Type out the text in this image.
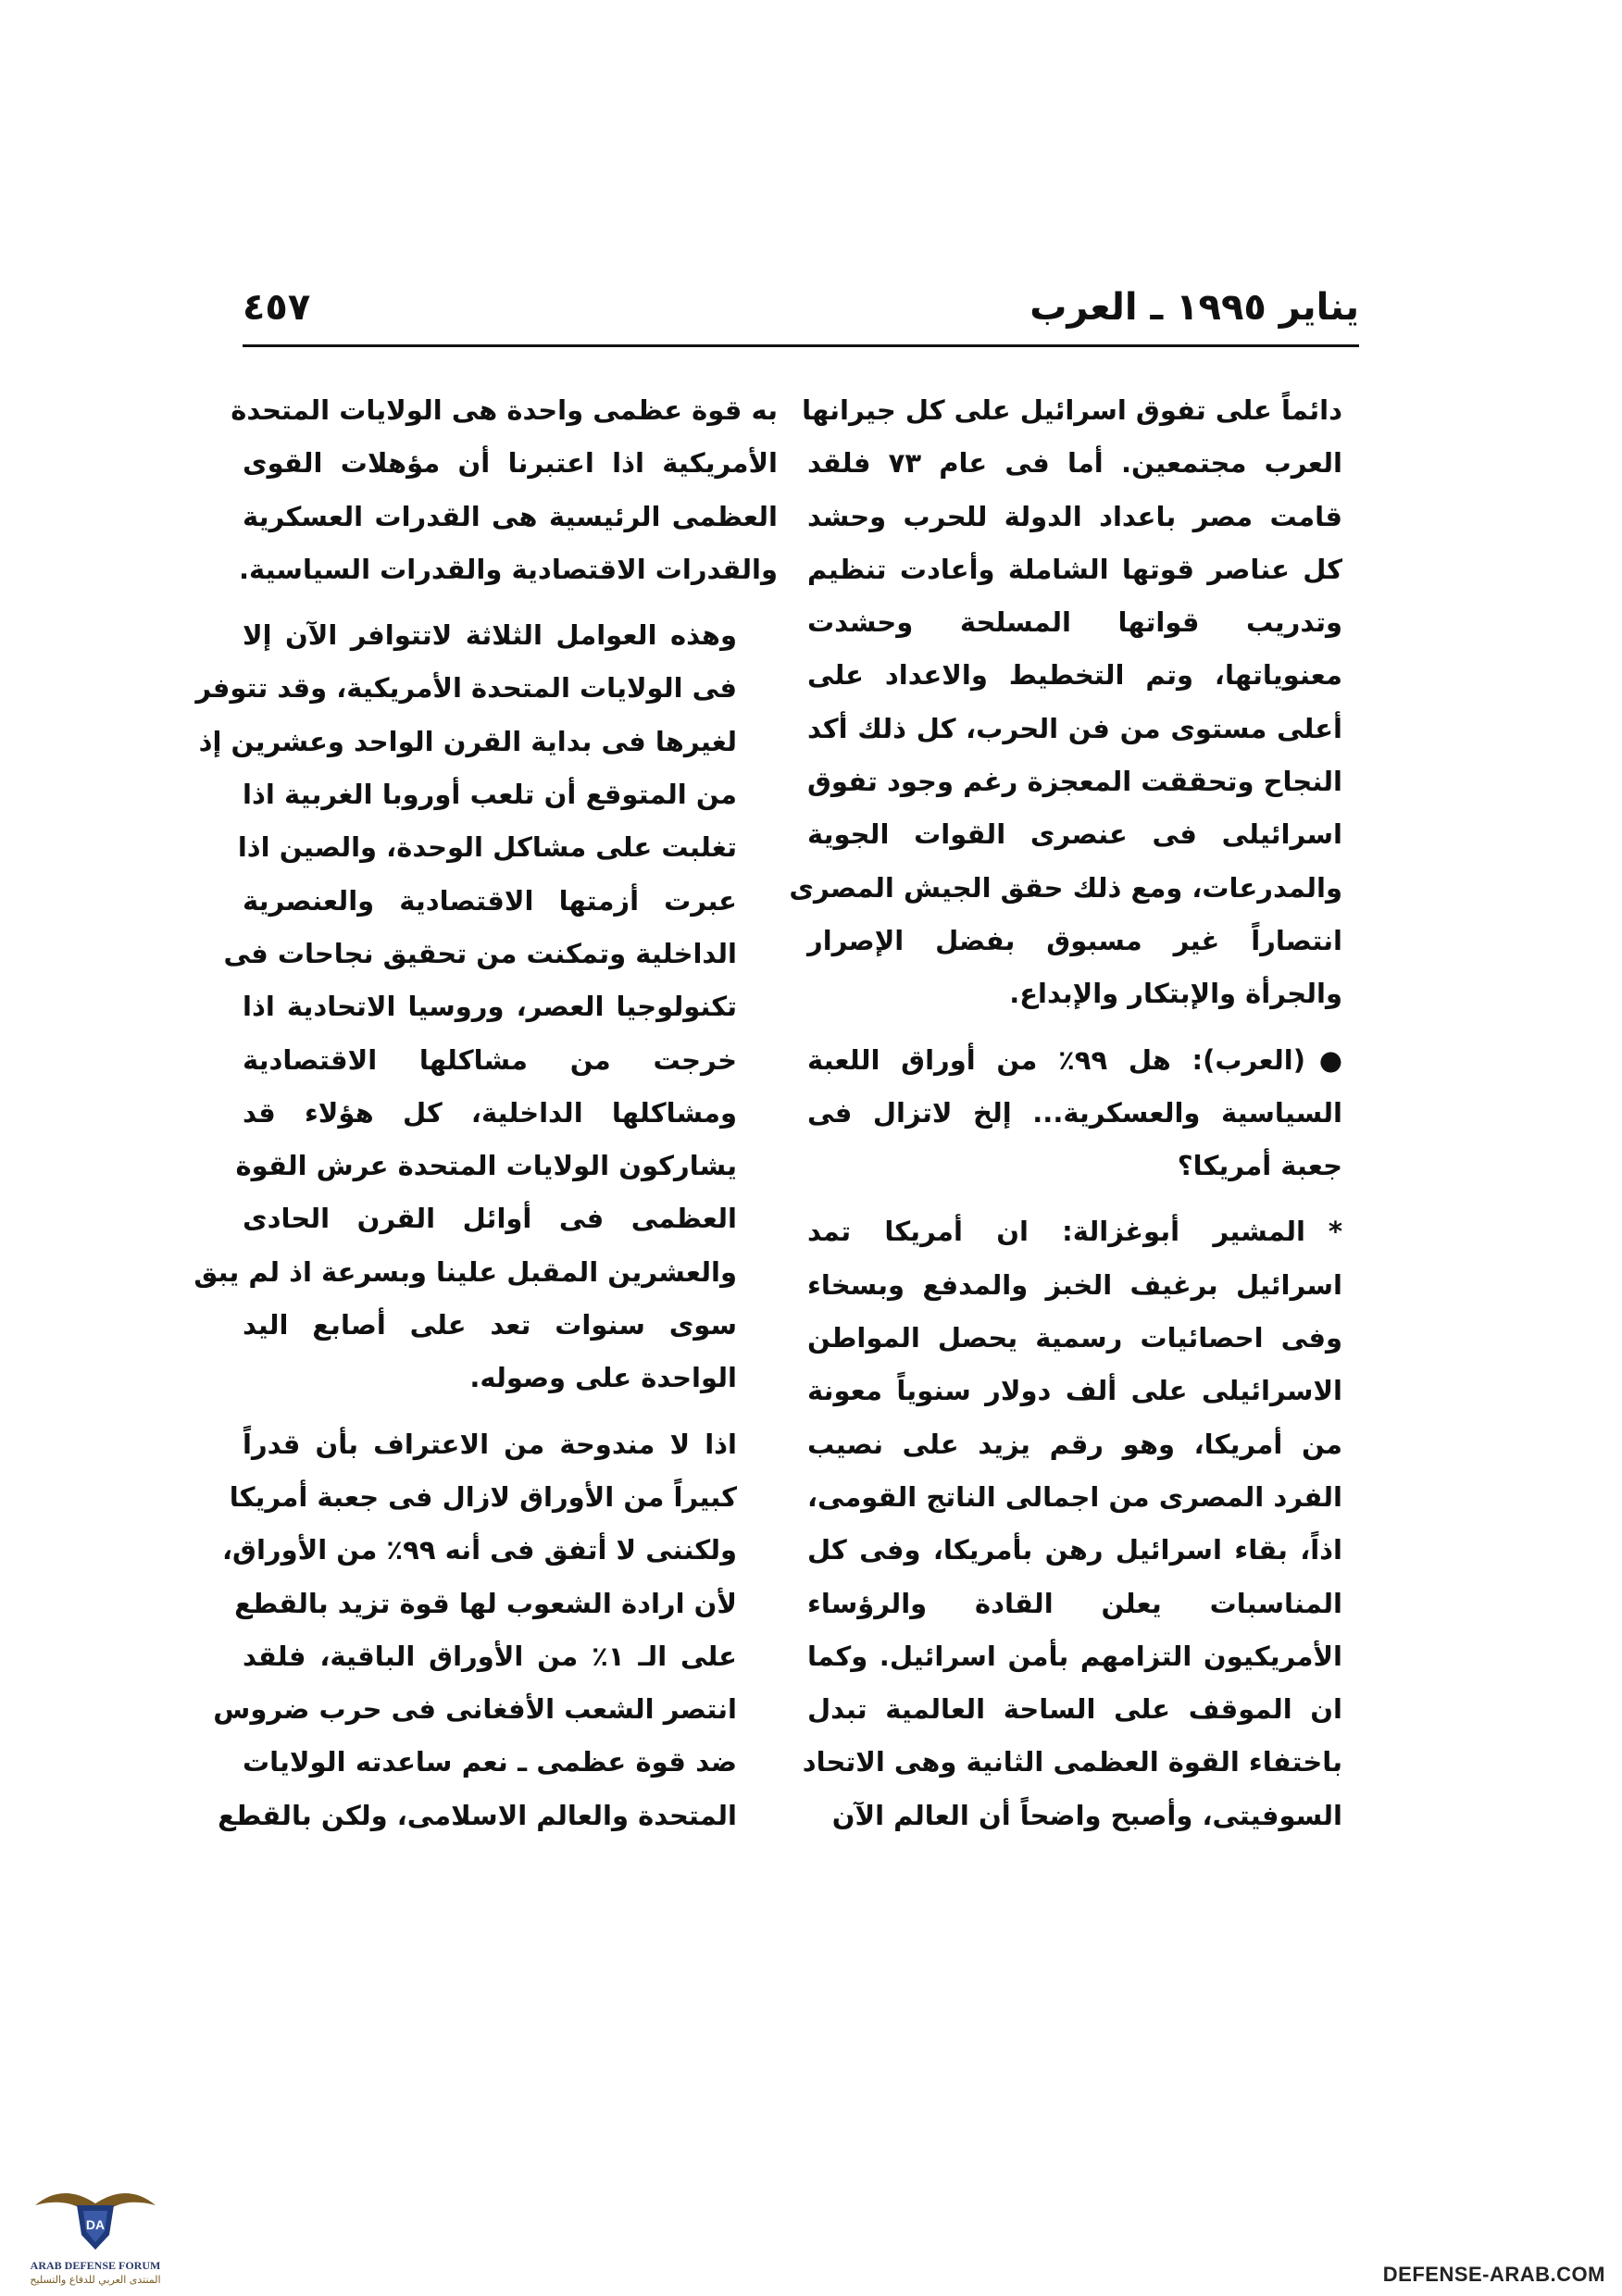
يناير ١٩٩٥ ـ العرب
٤٥٧
دائماً على تفوق اسرائيل على كل جيرانها
العرب مجتمعين. أما فى عام ٧٣ فلقد
قامت مصر باعداد الدولة للحرب وحشد
كل عناصر قوتها الشاملة وأعادت تنظيم
وتدريب قواتها المسلحة وحشدت
معنوياتها، وتم التخطيط والاعداد على
أعلى مستوى من فن الحرب، كل ذلك أكد
النجاح وتحققت المعجزة رغم وجود تفوق
اسرائيلى فى عنصرى القوات الجوية
والمدرعات، ومع ذلك حقق الجيش المصرى
انتصاراً غير مسبوق بفضل الإصرار
والجرأة والإبتكار والإبداع.
●(العرب): هل ٩٩٪ من أوراق اللعبة
السياسية والعسكرية... إلخ لاتزال فى
جعبة أمريكا؟
*المشير أبوغزالة: ان أمريكا تمد
اسرائيل برغيف الخبز والمدفع وبسخاء
وفى احصائيات رسمية يحصل المواطن
الاسرائيلى على ألف دولار سنوياً معونة
من أمريكا، وهو رقم يزيد على نصيب
الفرد المصرى من اجمالى الناتج القومى،
اذاً، بقاء اسرائيل رهن بأمريكا، وفى كل
المناسبات يعلن القادة والرؤساء
الأمريكيون التزامهم بأمن اسرائيل. وكما
ان الموقف على الساحة العالمية تبدل
باختفاء القوة العظمى الثانية وهى الاتحاد
السوفيتى، وأصبح واضحاً أن العالم الآن
به قوة عظمى واحدة هى الولايات المتحدة
الأمريكية اذا اعتبرنا أن مؤهلات القوى
العظمى الرئيسية هى القدرات العسكرية
والقدرات الاقتصادية والقدرات السياسية.
وهذه العوامل الثلاثة لاتتوافر الآن إلا
فى الولايات المتحدة الأمريكية، وقد تتوفر
لغيرها فى بداية القرن الواحد وعشرين إذ
من المتوقع أن تلعب أوروبا الغربية اذا
تغلبت على مشاكل الوحدة، والصين اذا
عبرت أزمتها الاقتصادية والعنصرية
الداخلية وتمكنت من تحقيق نجاحات فى
تكنولوجيا العصر، وروسيا الاتحادية اذا
خرجت من مشاكلها الاقتصادية
ومشاكلها الداخلية، كل هؤلاء قد
يشاركون الولايات المتحدة عرش القوة
العظمى فى أوائل القرن الحادى
والعشرين المقبل علينا وبسرعة اذ لم يبق
سوى سنوات تعد على أصابع اليد
الواحدة على وصوله.
اذا لا مندوحة من الاعتراف بأن قدراً
كبيراً من الأوراق لازال فى جعبة أمريكا
ولكننى لا أتفق فى أنه ٩٩٪ من الأوراق،
لأن ارادة الشعوب لها قوة تزيد بالقطع
على الـ ١٪ من الأوراق الباقية، فلقد
انتصر الشعب الأفغانى فى حرب ضروس
ضد قوة عظمى ـ نعم ساعدته الولايات
المتحدة والعالم الاسلامى، ولكن بالقطع
DA
ARAB DEFENSE FORUM
المنتدى العربي للدفاع والتسليح	DEFENSE-ARAB.COM
